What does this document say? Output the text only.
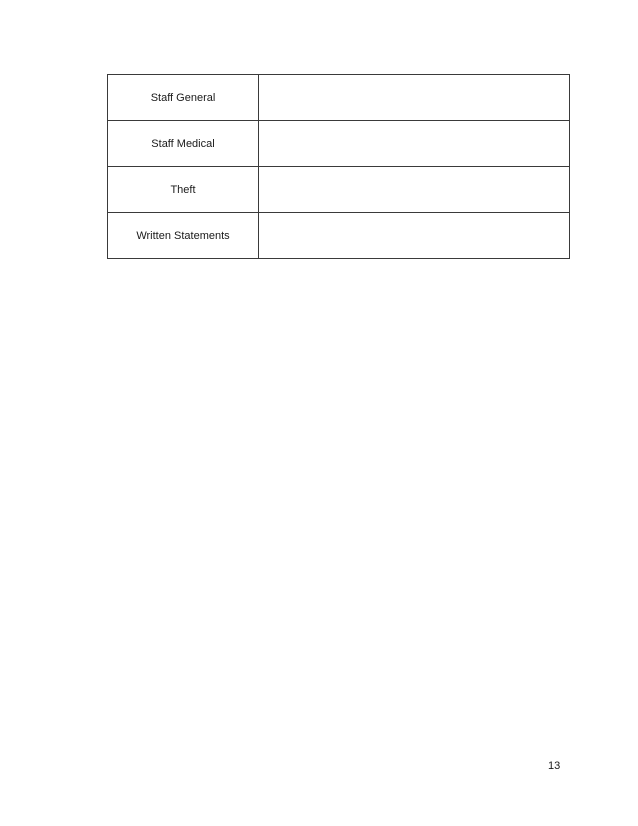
Staff General	
Staff Medical	
Theft	
Written Statements	
13
